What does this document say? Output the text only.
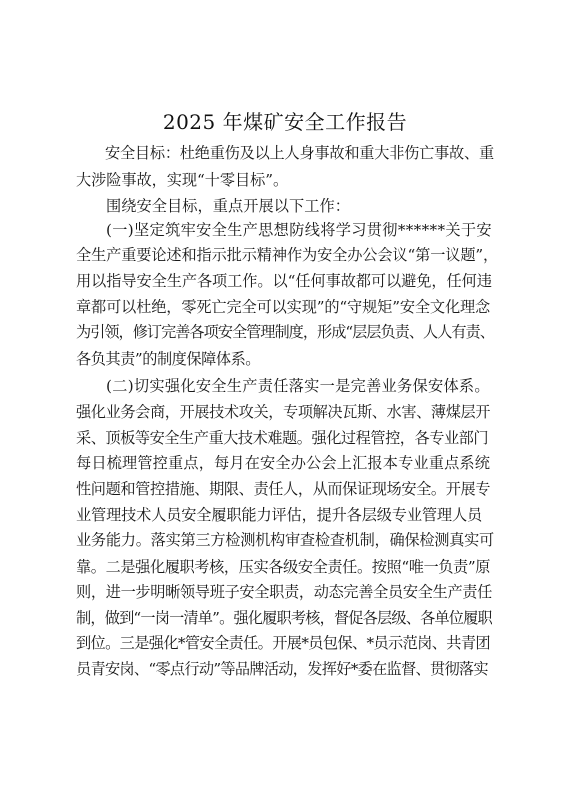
2025 年煤矿安全工作报告
安全目标：杜绝重伤及以上人身事故和重大非伤亡事故、重
大涉险事故，实现“十零目标”。
围绕安全目标，重点开展以下工作：
(一)坚定筑牢安全生产思想防线将学习贯彻******关于安
全生产重要论述和指示批示精神作为安全办公会议“第一议题”，
用以指导安全生产各项工作。以“任何事故都可以避免，任何违
章都可以杜绝，零死亡完全可以实现”的“守规矩”安全文化理念
为引领，修订完善各项安全管理制度，形成“层层负责、人人有责、
各负其责”的制度保障体系。
(二)切实强化安全生产责任落实一是完善业务保安体系。
强化业务会商，开展技术攻关，专项解决瓦斯、水害、薄煤层开
采、顶板等安全生产重大技术难题。强化过程管控，各专业部门
每日梳理管控重点，每月在安全办公会上汇报本专业重点系统
性问题和管控措施、期限、责任人，从而保证现场安全。开展专
业管理技术人员安全履职能力评估，提升各层级专业管理人员
业务能力。落实第三方检测机构审查检查机制，确保检测真实可
靠。二是强化履职考核，压实各级安全责任。按照“唯一负责”原
则，进一步明晰领导班子安全职责，动态完善全员安全生产责任
制，做到“一岗一清单”。强化履职考核，督促各层级、各单位履职
到位。三是强化*管安全责任。开展*员包保、*员示范岗、共青团
员青安岗、“零点行动”等品牌活动，发挥好*委在监督、贯彻落实
